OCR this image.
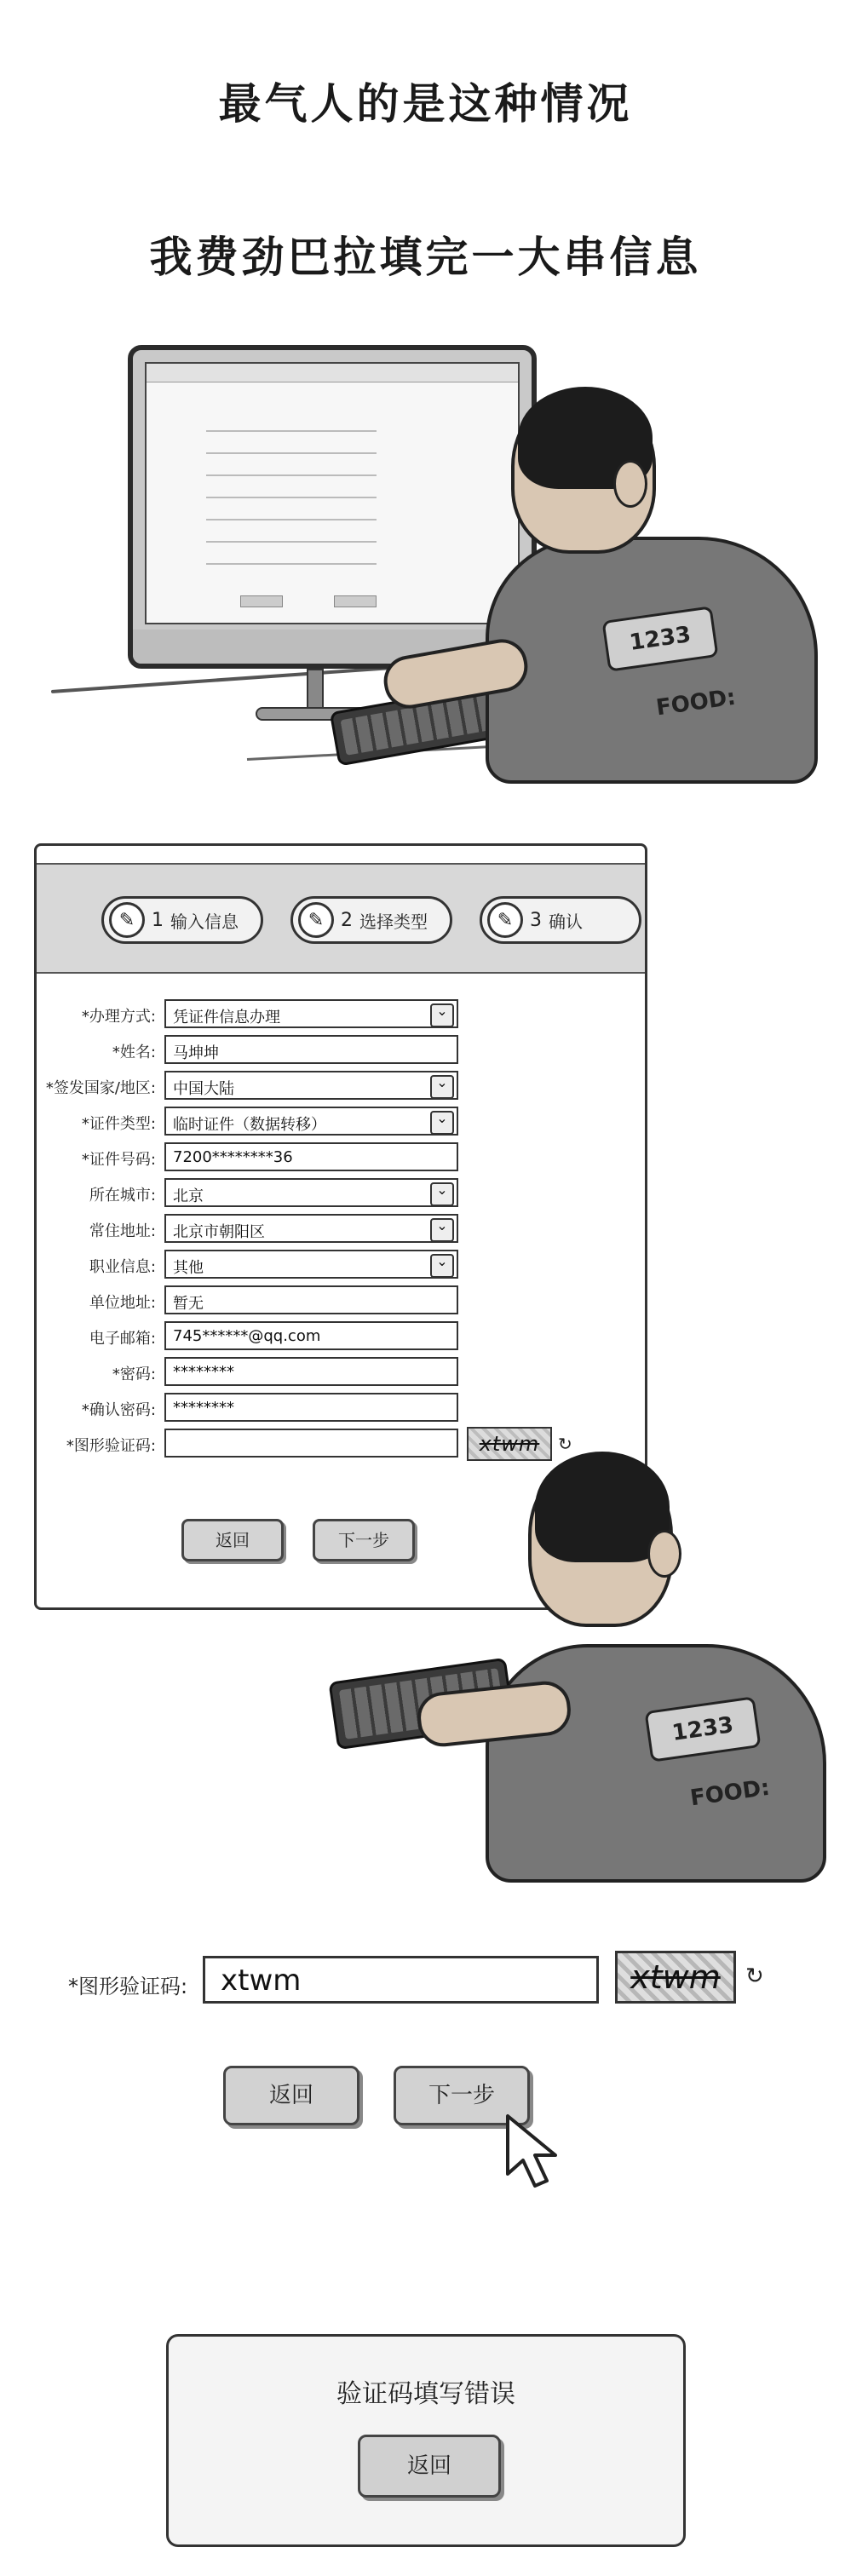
最气人的是这种情况
我费劲巴拉填完一大串信息
1233
FOOD:
✎ 1 输入信息	✎ 2 选择类型	✎ 3 确认
*办理方式:	凭证件信息办理 ⌄
*姓名:	马坤坤
*签发国家/地区:	中国大陆 ⌄
*证件类型:	临时证件（数据转移） ⌄
*证件号码:	7200********36
所在城市:	北京 ⌄
常住地址:	北京市朝阳区 ⌄
职业信息:	其他 ⌄
单位地址:	暂无
电子邮箱:	745******@qq.com
*密码:	********
*确认密码:	********
*图形验证码:	xtwm	↻
返回	下一步
1233
FOOD:
*图形验证码:	xtwm	xtwm	↻
返回	下一步
验证码填写错误
返回
